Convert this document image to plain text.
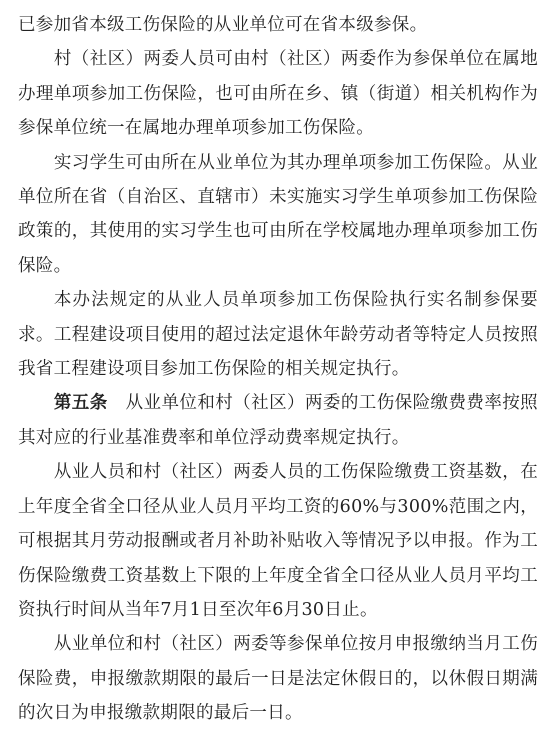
已参加省本级工伤保险的从业单位可在省本级参保。

村（社区）两委人员可由村（社区）两委作为参保单位在属地办理单项参加工伤保险，也可由所在乡、镇（街道）相关机构作为参保单位统一在属地办理单项参加工伤保险。

实习学生可由所在从业单位为其办理单项参加工伤保险。从业单位所在省（自治区、直辖市）未实施实习学生单项参加工伤保险政策的，其使用的实习学生也可由所在学校属地办理单项参加工伤保险。

本办法规定的从业人员单项参加工伤保险执行实名制参保要求。工程建设项目使用的超过法定退休年龄劳动者等特定人员按照我省工程建设项目参加工伤保险的相关规定执行。

第五条　 从业单位和村（社区）两委的工伤保险缴费费率按照其对应的行业基准费率和单位浮动费率规定执行。

从业人员和村（社区）两委人员的工伤保险缴费工资基数，在上年度全省全口径从业人员月平均工资的60%与300%范围之内，可根据其月劳动报酬或者月补助补贴收入等情况予以申报。作为工伤保险缴费工资基数上下限的上年度全省全口径从业人员月平均工资执行时间从当年7月1日至次年6月30日止。

从业单位和村（社区）两委等参保单位按月申报缴纳当月工伤保险费，申报缴款期限的最后一日是法定休假日的，以休假日期满的次日为申报缴款期限的最后一日。
